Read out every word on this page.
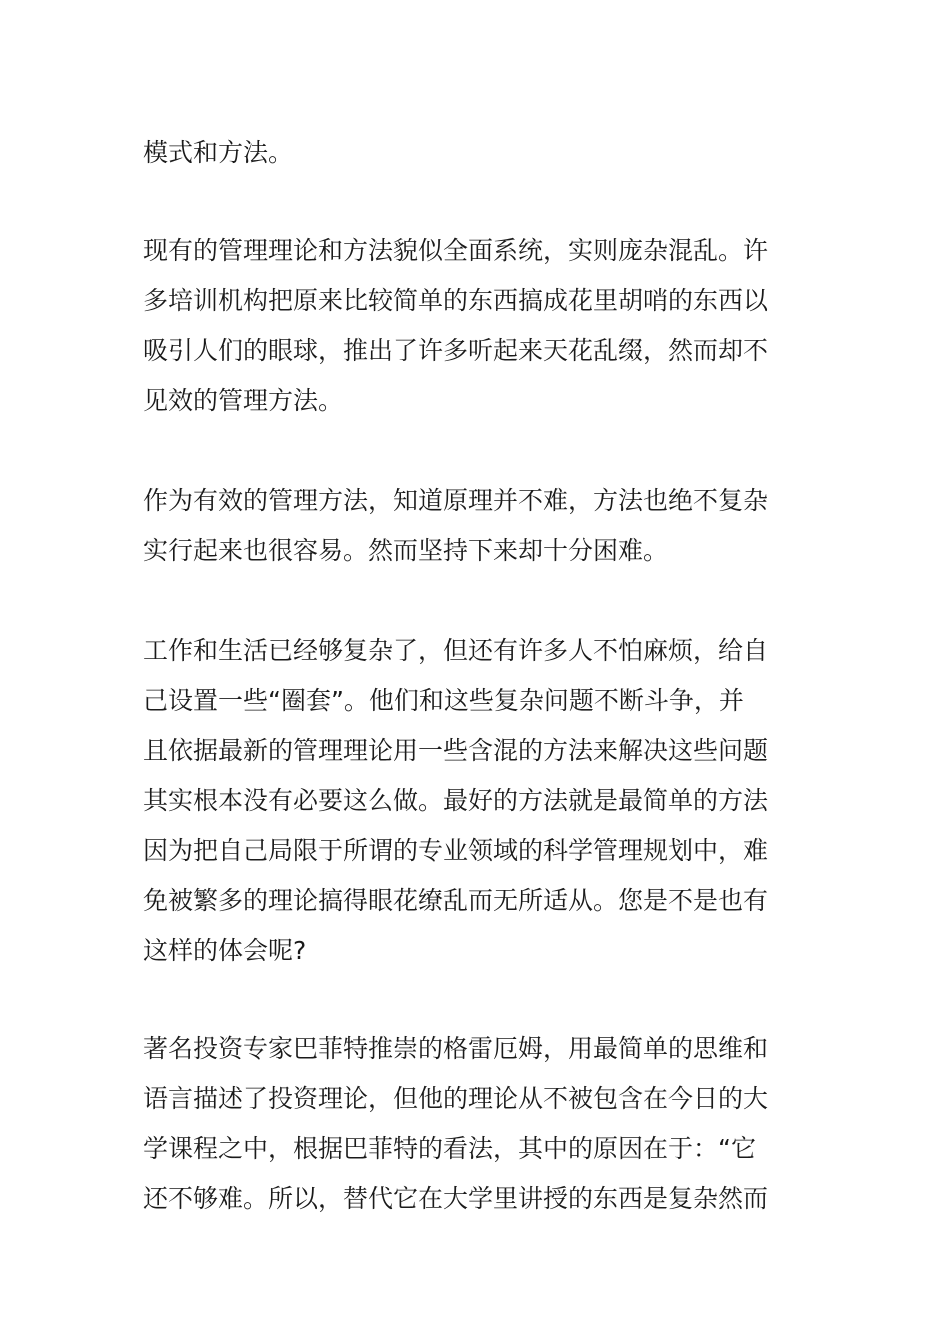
模式和方法。
现有的管理理论和方法貌似全面系统，实则庞杂混乱。许
多培训机构把原来比较简单的东西搞成花里胡哨的东西以
吸引人们的眼球，推出了许多听起来天花乱缀，然而却不
见效的管理方法。
作为有效的管理方法，知道原理并不难，方法也绝不复杂
实行起来也很容易。然而坚持下来却十分困难。
工作和生活已经够复杂了，但还有许多人不怕麻烦，给自
己设置一些“圈套”。他们和这些复杂问题不断斗争，并
且依据最新的管理理论用一些含混的方法来解决这些问题
其实根本没有必要这么做。最好的方法就是最简单的方法
因为把自己局限于所谓的专业领域的科学管理规划中，难
免被繁多的理论搞得眼花缭乱而无所适从。您是不是也有
这样的体会呢?
著名投资专家巴菲特推崇的格雷厄姆，用最简单的思维和
语言描述了投资理论，但他的理论从不被包含在今日的大
学课程之中，根据巴菲特的看法，其中的原因在于：“它
还不够难。所以，替代它在大学里讲授的东西是复杂然而
